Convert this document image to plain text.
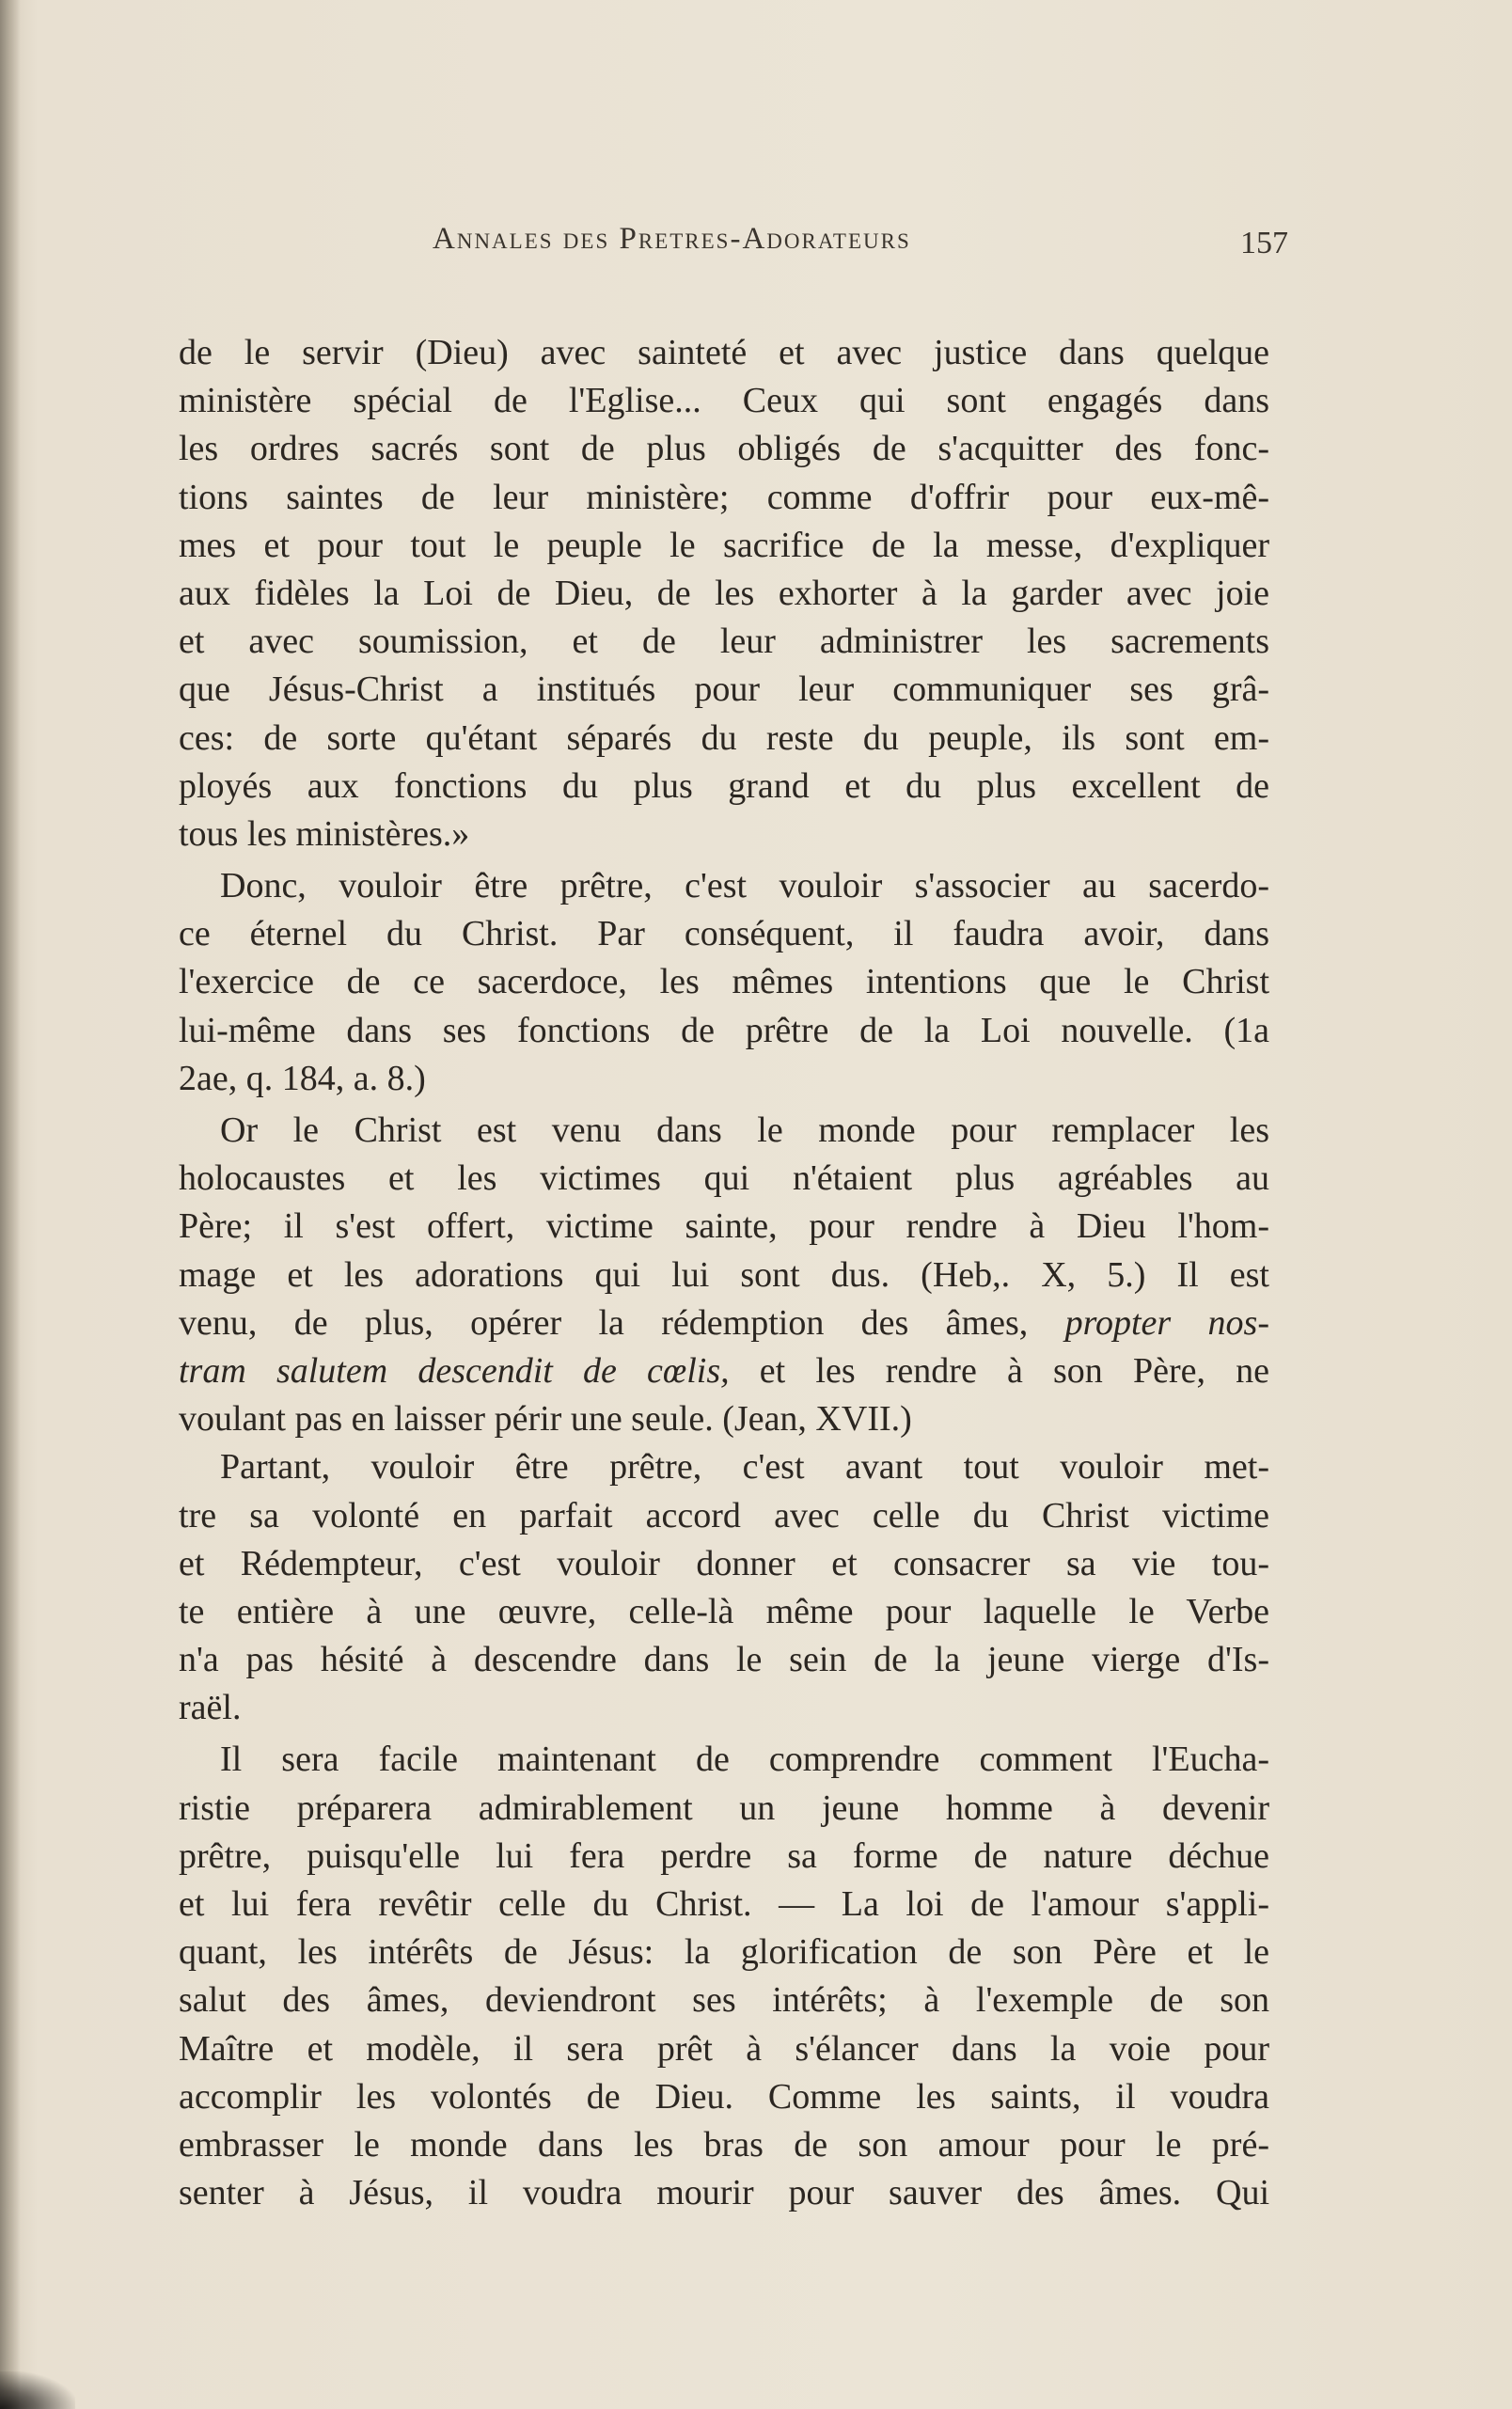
Annales des Pretres-Adorateurs	157
de le servir (Dieu) avec sainteté et avec justice dans quelque
ministère spécial de l'Eglise... Ceux qui sont engagés dans
les ordres sacrés sont de plus obligés de s'acquitter des fonc-
tions saintes de leur ministère; comme d'offrir pour eux-mê-
mes et pour tout le peuple le sacrifice de la messe, d'expliquer
aux fidèles la Loi de Dieu, de les exhorter à la garder avec joie
et avec soumission, et de leur administrer les sacrements
que Jésus-Christ a institués pour leur communiquer ses grâ-
ces: de sorte qu'étant séparés du reste du peuple, ils sont em-
ployés aux fonctions du plus grand et du plus excellent de
tous les ministères.»
Donc, vouloir être prêtre, c'est vouloir s'associer au sacerdo-
ce éternel du Christ. Par conséquent, il faudra avoir, dans
l'exercice de ce sacerdoce, les mêmes intentions que le Christ
lui-même dans ses fonctions de prêtre de la Loi nouvelle. (1a
2ae, q. 184, a. 8.)
Or le Christ est venu dans le monde pour remplacer les
holocaustes et les victimes qui n'étaient plus agréables au
Père; il s'est offert, victime sainte, pour rendre à Dieu l'hom-
mage et les adorations qui lui sont dus. (Heb,. X, 5.) Il est
venu, de plus, opérer la rédemption des âmes, propter nos-
tram salutem descendit de cœlis, et les rendre à son Père, ne
voulant pas en laisser périr une seule. (Jean, XVII.)
Partant, vouloir être prêtre, c'est avant tout vouloir met-
tre sa volonté en parfait accord avec celle du Christ victime
et Rédempteur, c'est vouloir donner et consacrer sa vie tou-
te entière à une œuvre, celle-là même pour laquelle le Verbe
n'a pas hésité à descendre dans le sein de la jeune vierge d'Is-
raël.
Il sera facile maintenant de comprendre comment l'Eucha-
ristie préparera admirablement un jeune homme à devenir
prêtre, puisqu'elle lui fera perdre sa forme de nature déchue
et lui fera revêtir celle du Christ. — La loi de l'amour s'appli-
quant, les intérêts de Jésus: la glorification de son Père et le
salut des âmes, deviendront ses intérêts; à l'exemple de son
Maître et modèle, il sera prêt à s'élancer dans la voie pour
accomplir les volontés de Dieu. Comme les saints, il voudra
embrasser le monde dans les bras de son amour pour le pré-
senter à Jésus, il voudra mourir pour sauver des âmes. Qui
